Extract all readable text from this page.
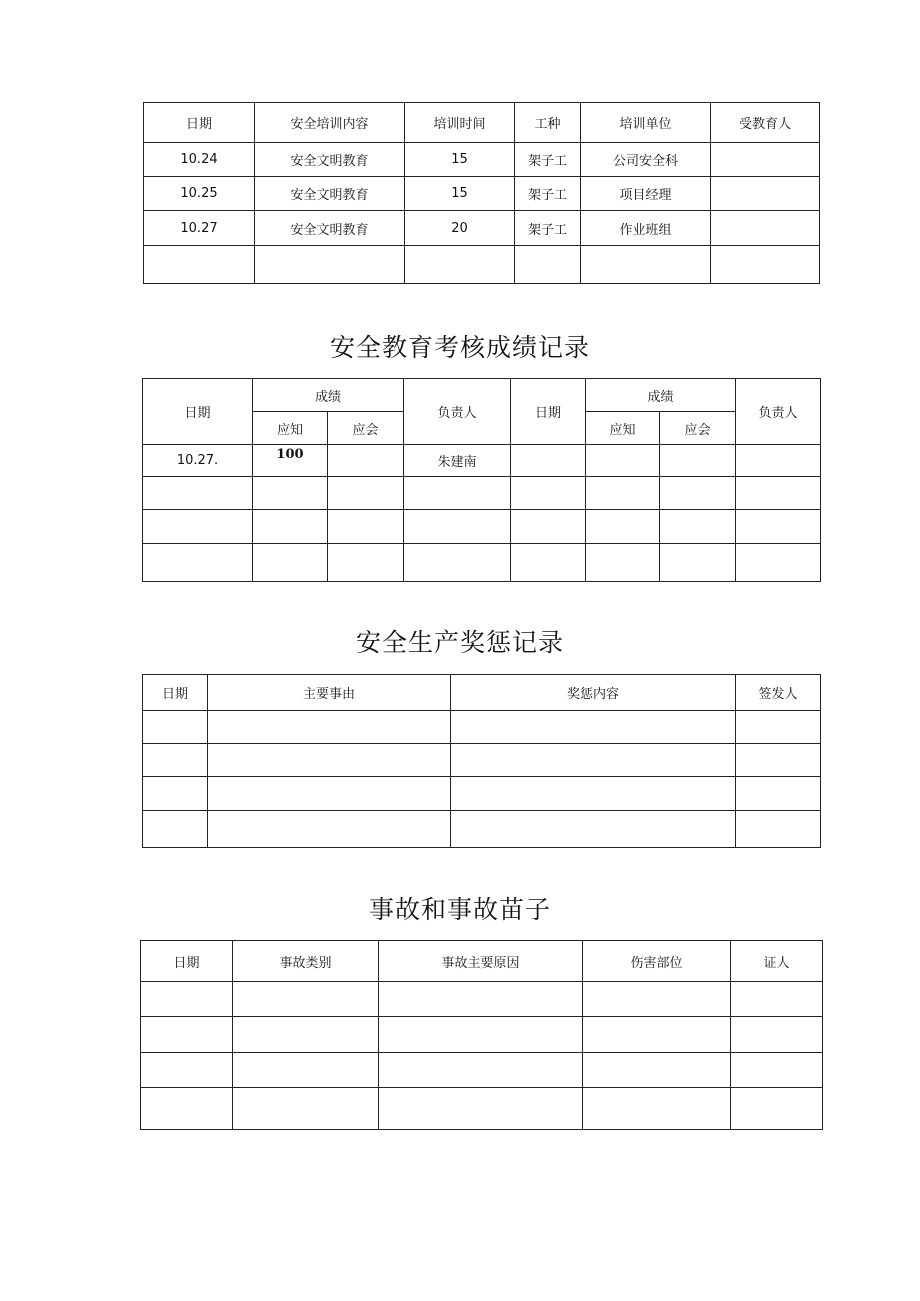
日期	安全培训内容	培训时间	工种	培训单位	受教育人
10.24	安全文明教育	15	架子工	公司安全科	
10.25	安全文明教育	15	架子工	项目经理	
10.27	安全文明教育	20	架子工	作业班组	

安全教育考核成绩记录
日期	成绩		负责人	日期	成绩		负责人
	应知	应会			应知	应会	
10.27.	100		朱建南				

安全生产奖惩记录
日期	主要事由	奖惩内容	签发人

事故和事故苗子
日期	事故类别	事故主要原因	伤害部位	证人
